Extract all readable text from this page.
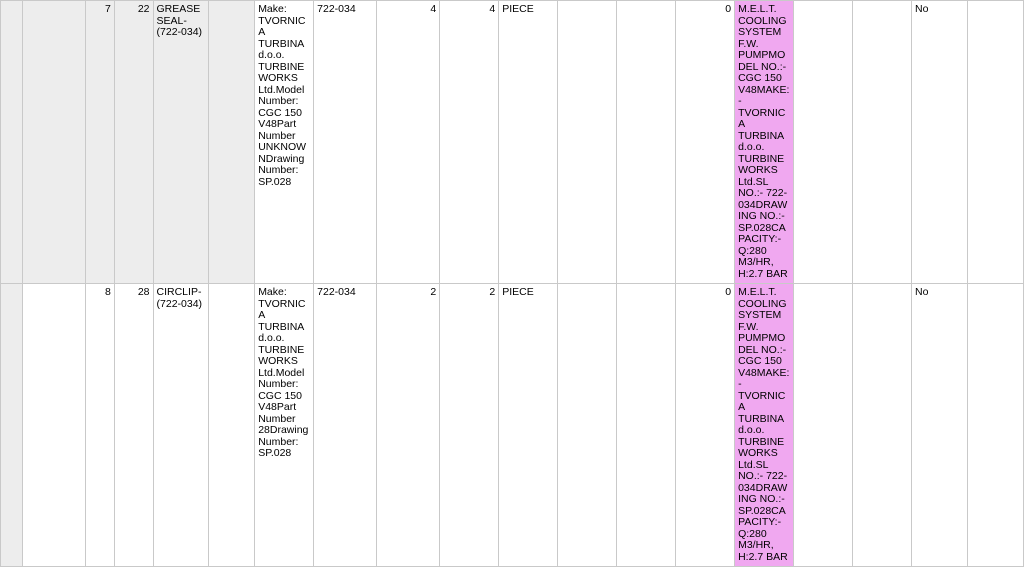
		7	22	GREASE SEAL-(722-034)		Make: TVORNICA TURBINA d.o.o. TURBINE WORKS Ltd.Model Number: CGC 150 V48Part Number UNKNOWNDrawing Number: SP.028	722-034	4	4	PIECE			0	M.E.L.T. COOLING SYSTEM F.W. PUMPMODEL NO.:- CGC 150 V48MAKE:- TVORNICA TURBINA d.o.o. TURBINE WORKS Ltd.SL NO.:- 722-034DRAWING NO.:- SP.028CAPACITY:- Q:280 M3/HR, H:2.7 BAR			No	

		8	28	CIRCLIP-(722-034)		Make: TVORNICA TURBINA d.o.o. TURBINE WORKS Ltd.Model Number: CGC 150 V48Part Number 28Drawing Number: SP.028	722-034	2	2	PIECE			0	M.E.L.T. COOLING SYSTEM F.W. PUMPMODEL NO.:- CGC 150 V48MAKE:- TVORNICA TURBINA d.o.o. TURBINE WORKS Ltd.SL NO.:- 722-034DRAWING NO.:- SP.028CAPACITY:- Q:280 M3/HR, H:2.7 BAR			No	
